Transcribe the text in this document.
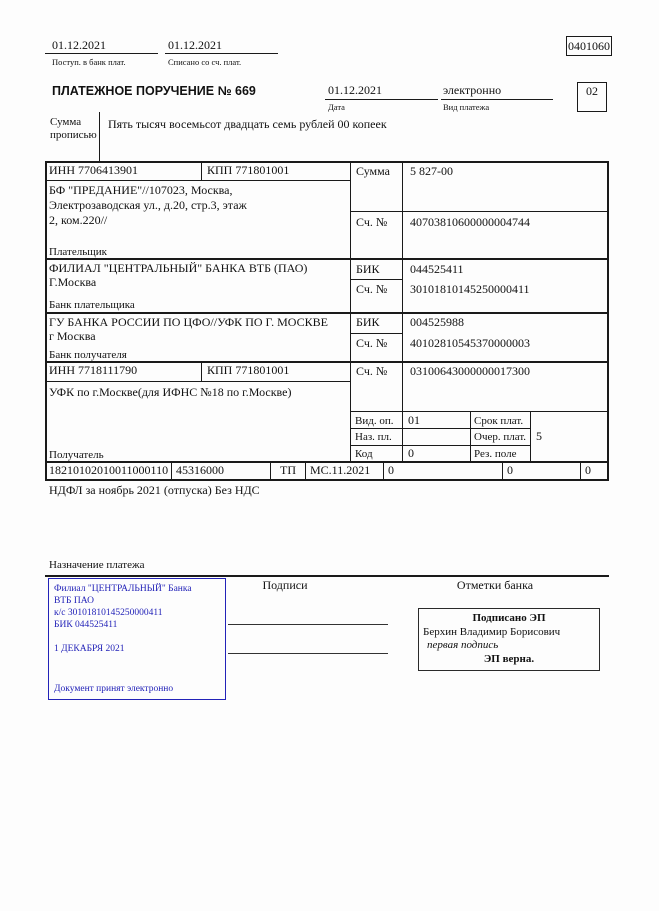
01.12.2021
Поступ. в банк плат.
01.12.2021
Списано со сч. плат.
0401060
ПЛАТЕЖНОЕ ПОРУЧЕНИЕ № 669	01.12.2021
Дата
электронно
Вид платежа
02
Сумма
прописью
Пять тысяч восемьсот двадцать семь рублей 00 копеек
ИНН 7706413901	КПП 771801001	Сумма 5 827-00
БФ "ПРЕДАНИЕ"//107023, Москва,
Электрозаводская ул., д.20, стр.3, этаж
2, ком.220//	Сч. № 40703810600000004744
Плательщик
ФИЛИАЛ "ЦЕНТРАЛЬНЫЙ" БАНКА ВТБ (ПАО)
Г.Москва
БИК	044525411
Сч. № 30101810145250000411
Банк плательщика
ГУ БАНКА РОССИИ ПО ЦФО//УФК ПО Г. МОСКВЕ
г Москва
БИК	004525988
Сч. № 40102810545370000003
Банк получателя
ИНН 7718111790	КПП 771801001	Сч. № 03100643000000017300
УФК по г.Москве(для ИФНС №18 по г.Москве)
Получатель
Вид. оп. 01	Срок плат.
Наз. пл.	Очер. плат. 5
Код	0	Рез. поле
18210102010011000110 45316000	ТП МС.11.2021 0	0	0
НДФЛ за ноябрь 2021 (отпуска) Без НДС
Назначение платежа
Подписи	Отметки банка
Филиал "ЦЕНТРАЛЬНЫЙ" Банка
ВТБ ПАО
к/с 30101810145250000411
БИК 044525411
1 ДЕКАБРЯ 2021
Документ принят электронно
Подписано ЭП
Берхин Владимир Борисович
первая подпись
ЭП верна.
